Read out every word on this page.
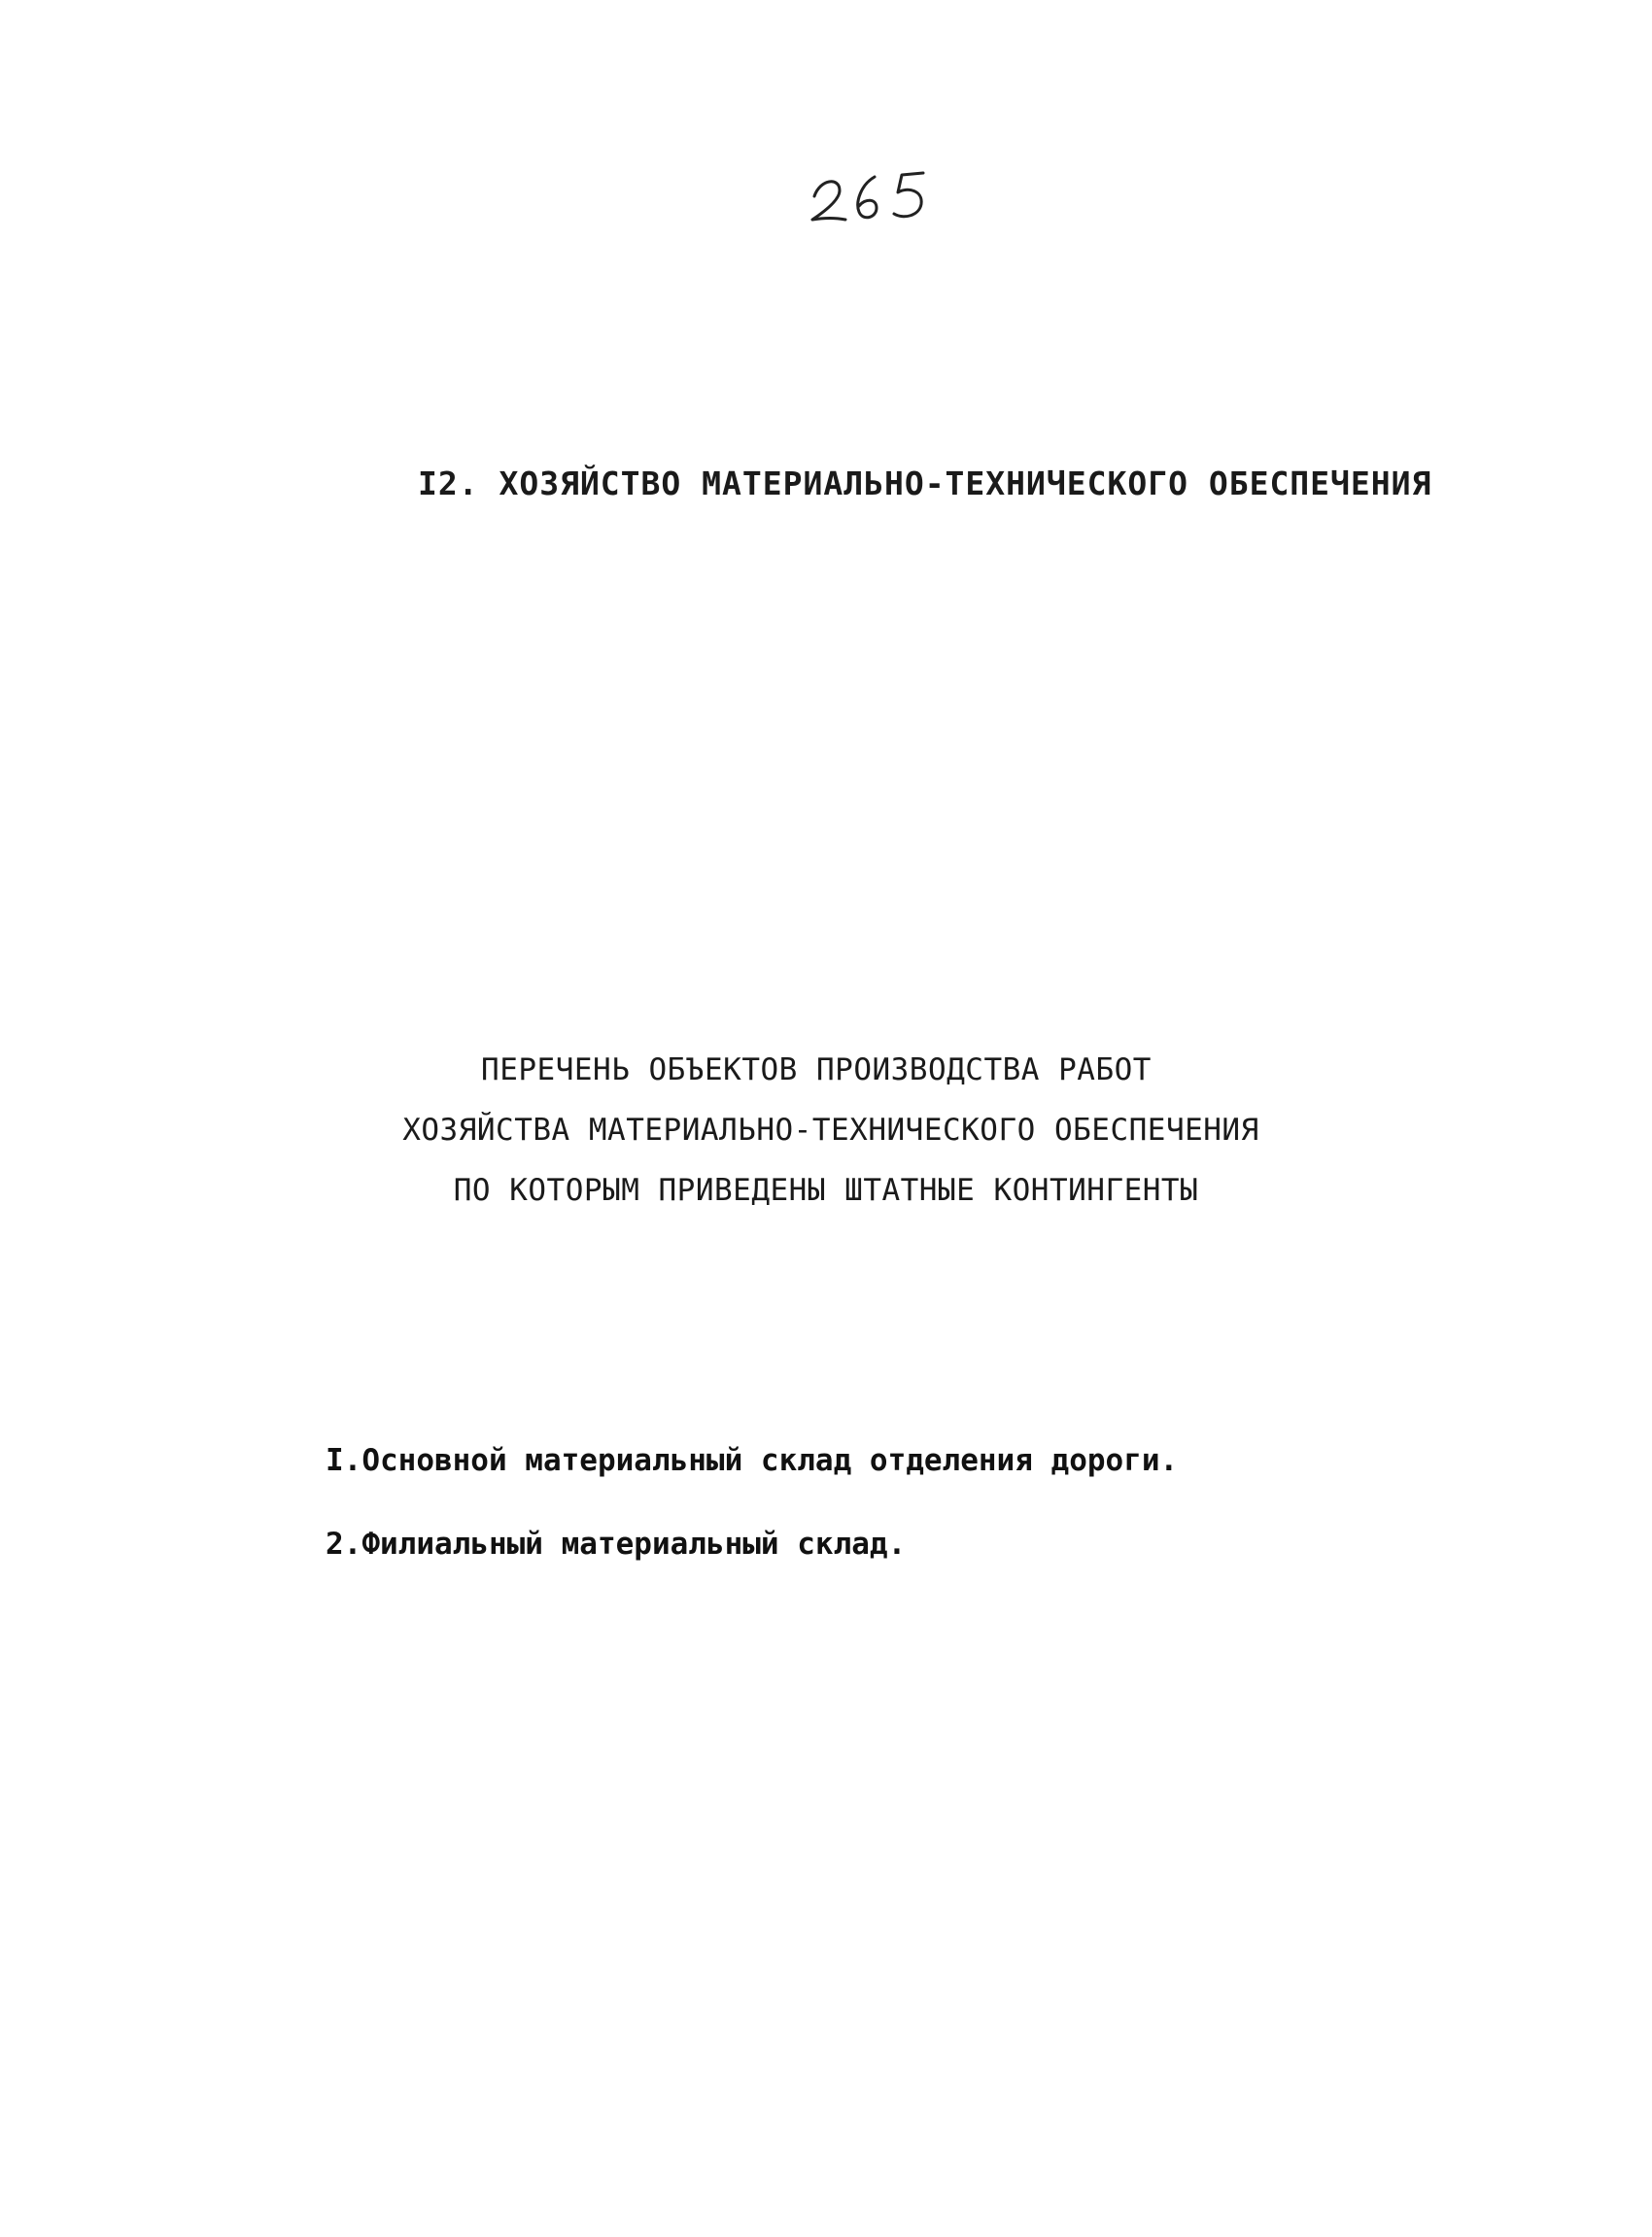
I2. ХОЗЯЙСТВО МАТЕРИАЛЬНО-ТЕХНИЧЕСКОГО ОБЕСПЕЧЕНИЯ
ПЕРЕЧЕНЬ ОБЪЕКТОВ ПРОИЗВОДСТВА РАБОТ
ХОЗЯЙСТВА МАТЕРИАЛЬНО-ТЕХНИЧЕСКОГО ОБЕСПЕЧЕНИЯ
ПО КОТОРЫМ ПРИВЕДЕНЫ ШТАТНЫЕ КОНТИНГЕНТЫ
I.Основной материальный склад отделения дороги.
2.Филиальный материальный склад.
